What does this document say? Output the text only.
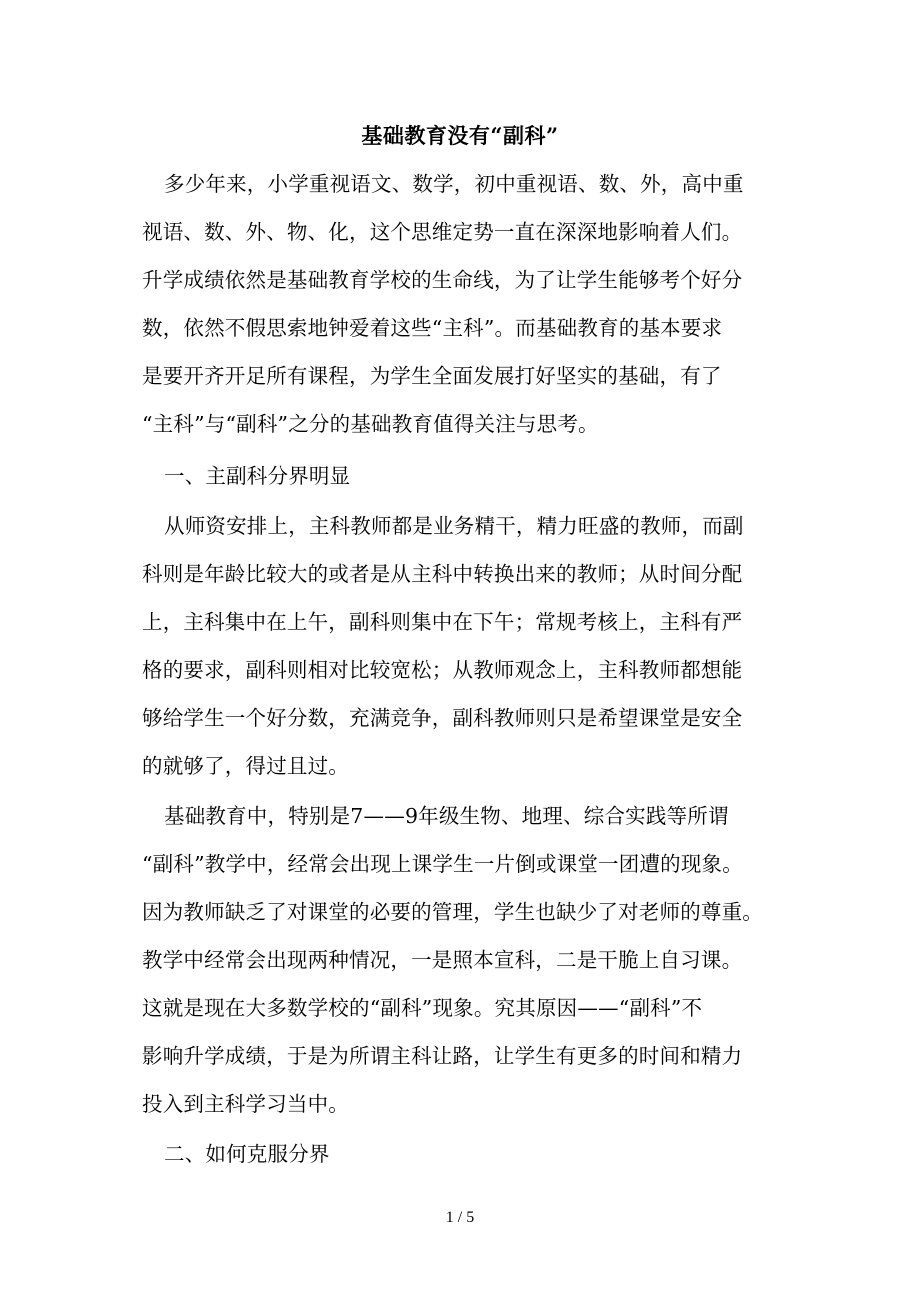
基础教育没有“副科”
多少年来，小学重视语文、数学，初中重视语、数、外，高中重
视语、数、外、物、化，这个思维定势一直在深深地影响着人们。
升学成绩依然是基础教育学校的生命线，为了让学生能够考个好分
数，依然不假思索地钟爱着这些“主科”。而基础教育的基本要求
是要开齐开足所有课程，为学生全面发展打好坚实的基础，有了
“主科”与“副科”之分的基础教育值得关注与思考。
一、主副科分界明显
从师资安排上，主科教师都是业务精干，精力旺盛的教师，而副
科则是年龄比较大的或者是从主科中转换出来的教师；从时间分配
上，主科集中在上午，副科则集中在下午；常规考核上，主科有严
格的要求，副科则相对比较宽松；从教师观念上，主科教师都想能
够给学生一个好分数，充满竞争，副科教师则只是希望课堂是安全
的就够了，得过且过。
基础教育中，特别是7——9年级生物、地理、综合实践等所谓
“副科”教学中，经常会出现上课学生一片倒或课堂一团遭的现象。
因为教师缺乏了对课堂的必要的管理，学生也缺少了对老师的尊重。
教学中经常会出现两种情况，一是照本宣科，二是干脆上自习课。
这就是现在大多数学校的“副科”现象。究其原因——“副科”不
影响升学成绩，于是为所谓主科让路，让学生有更多的时间和精力
投入到主科学习当中。
二、如何克服分界
1 / 5
